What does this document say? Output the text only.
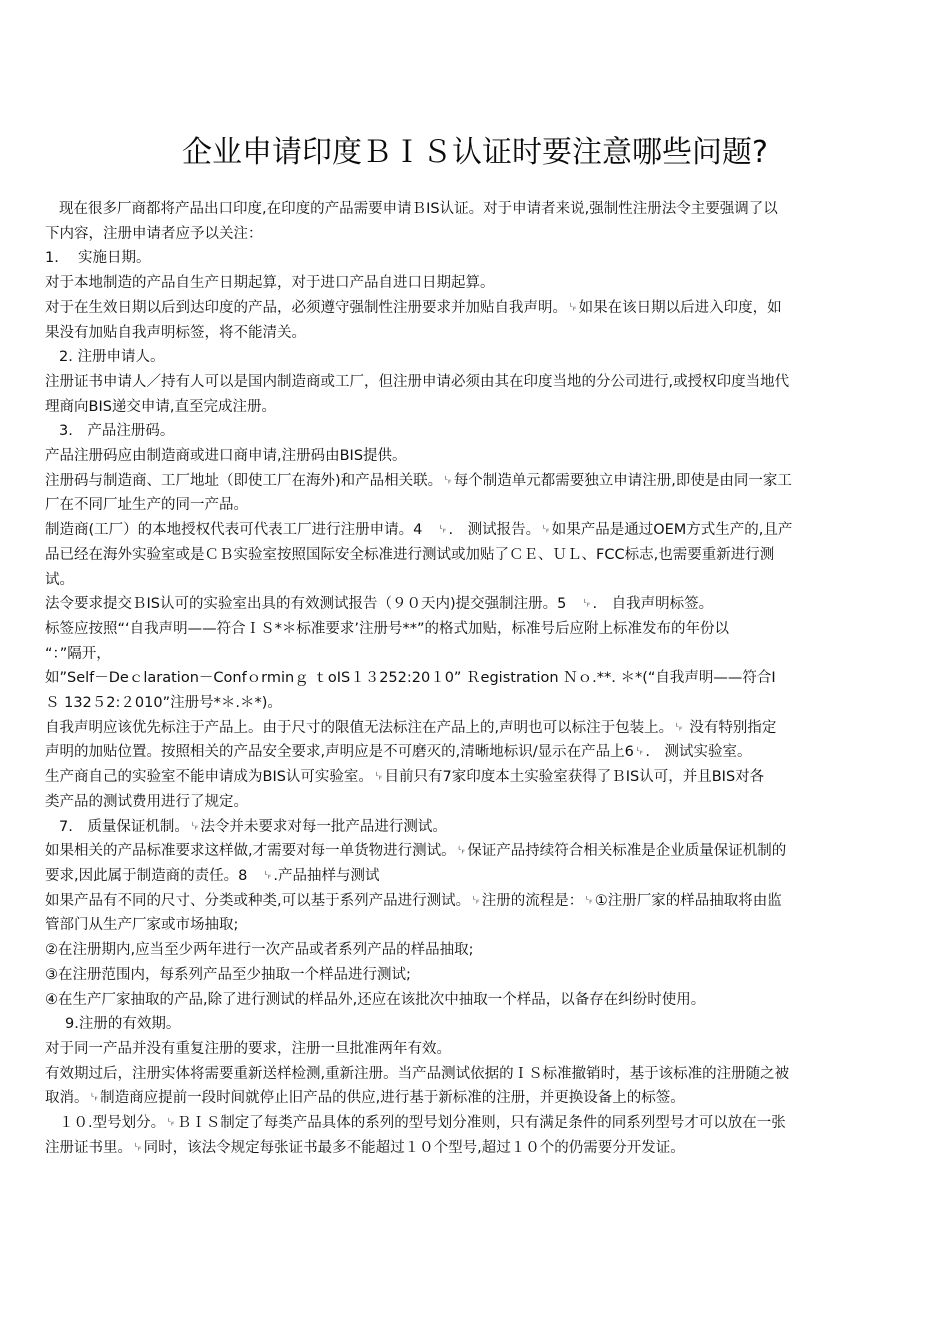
企业申请印度ＢＩＳ认证时要注意哪些问题?

现在很多厂商都将产品出口印度,在印度的产品需要申请ＢIS认证。对于申请者来说,强制性注册法令主要强调了以

下内容，注册申请者应予以关注：

1.　 实施日期。

对于本地制造的产品自生产日期起算，对于进口产品自进口日期起算。

对于在生效日期以后到达印度的产品，必须遵守强制性注册要求并加贴自我声明。␊如果在该日期以后进入印度，如

果没有加贴自我声明标签，将不能清关。

2. 注册申请人。

注册证书申请人／持有人可以是国内制造商或工厂，但注册申请必须由其在印度当地的分公司进行,或授权印度当地代

理商向BIS递交申请,直至完成注册。

3.　产品注册码。

产品注册码应由制造商或进口商申请,注册码由BIS提供。

注册码与制造商、工厂地址（即使工厂在海外)和产品相关联。␊每个制造单元都需要独立申请注册,即使是由同一家工

厂在不同厂址生产的同一产品。

制造商(工厂）的本地授权代表可代表工厂进行注册申请。4　␊.　测试报告。␊如果产品是通过OEM方式生产的,且产

品已经在海外实验室或是ＣＢ实验室按照国际安全标准进行测试或加贴了ＣＥ、ＵＬ、FCC标志,也需要重新进行测

试。

法令要求提交ＢIS认可的实验室出具的有效测试报告（９０天内)提交强制注册。5　␊.　自我声明标签。

标签应按照“‘自我声明——符合ＩＳ*＊标准要求’注册号**”的格式加贴，标准号后应附上标准发布的年份以

“：”隔开，

如”Self－Deｃlaration－Confｏrminｇ ｔoIS１３252:20１0” Ｒegistration Ｎｏ.**. ＊*(“自我声明——符合I

Ｓ 132５2:２010”注册号*＊.＊*)。

自我声明应该优先标注于产品上。由于尺寸的限值无法标注在产品上的,声明也可以标注于包装上。␊ 没有特别指定

声明的加贴位置。按照相关的产品安全要求,声明应是不可磨灭的,清晰地标识/显示在产品上6␊.　测试实验室。

生产商自己的实验室不能申请成为BIS认可实验室。␊目前只有7家印度本土实验室获得了ＢIS认可，并且BIS对各

类产品的测试费用进行了规定。

7.　质量保证机制。␊法令并未要求对每一批产品进行测试。

如果相关的产品标准要求这样做,才需要对每一单货物进行测试。␊保证产品持续符合相关标准是企业质量保证机制的

要求,因此属于制造商的责任。8　␊.产品抽样与测试

如果产品有不同的尺寸、分类或种类,可以基于系列产品进行测试。␊注册的流程是：␊①注册厂家的样品抽取将由监

管部门从生产厂家或市场抽取;

②在注册期内,应当至少两年进行一次产品或者系列产品的样品抽取;

③在注册范围内，每系列产品至少抽取一个样品进行测试;

④在生产厂家抽取的产品,除了进行测试的样品外,还应在该批次中抽取一个样品，以备存在纠纷时使用。

9.注册的有效期。

对于同一产品并没有重复注册的要求，注册一旦批准两年有效。

有效期过后，注册实体将需要重新送样检测,重新注册。当产品测试依据的ＩＳ标准撤销时，基于该标准的注册随之被

取消。␊制造商应提前一段时间就停止旧产品的供应,进行基于新标准的注册，并更换设备上的标签。

１０.型号划分。␊ＢＩＳ制定了每类产品具体的系列的型号划分准则，只有满足条件的同系列型号才可以放在一张

注册证书里。␊同时，该法令规定每张证书最多不能超过１０个型号,超过１０个的仍需要分开发证。
